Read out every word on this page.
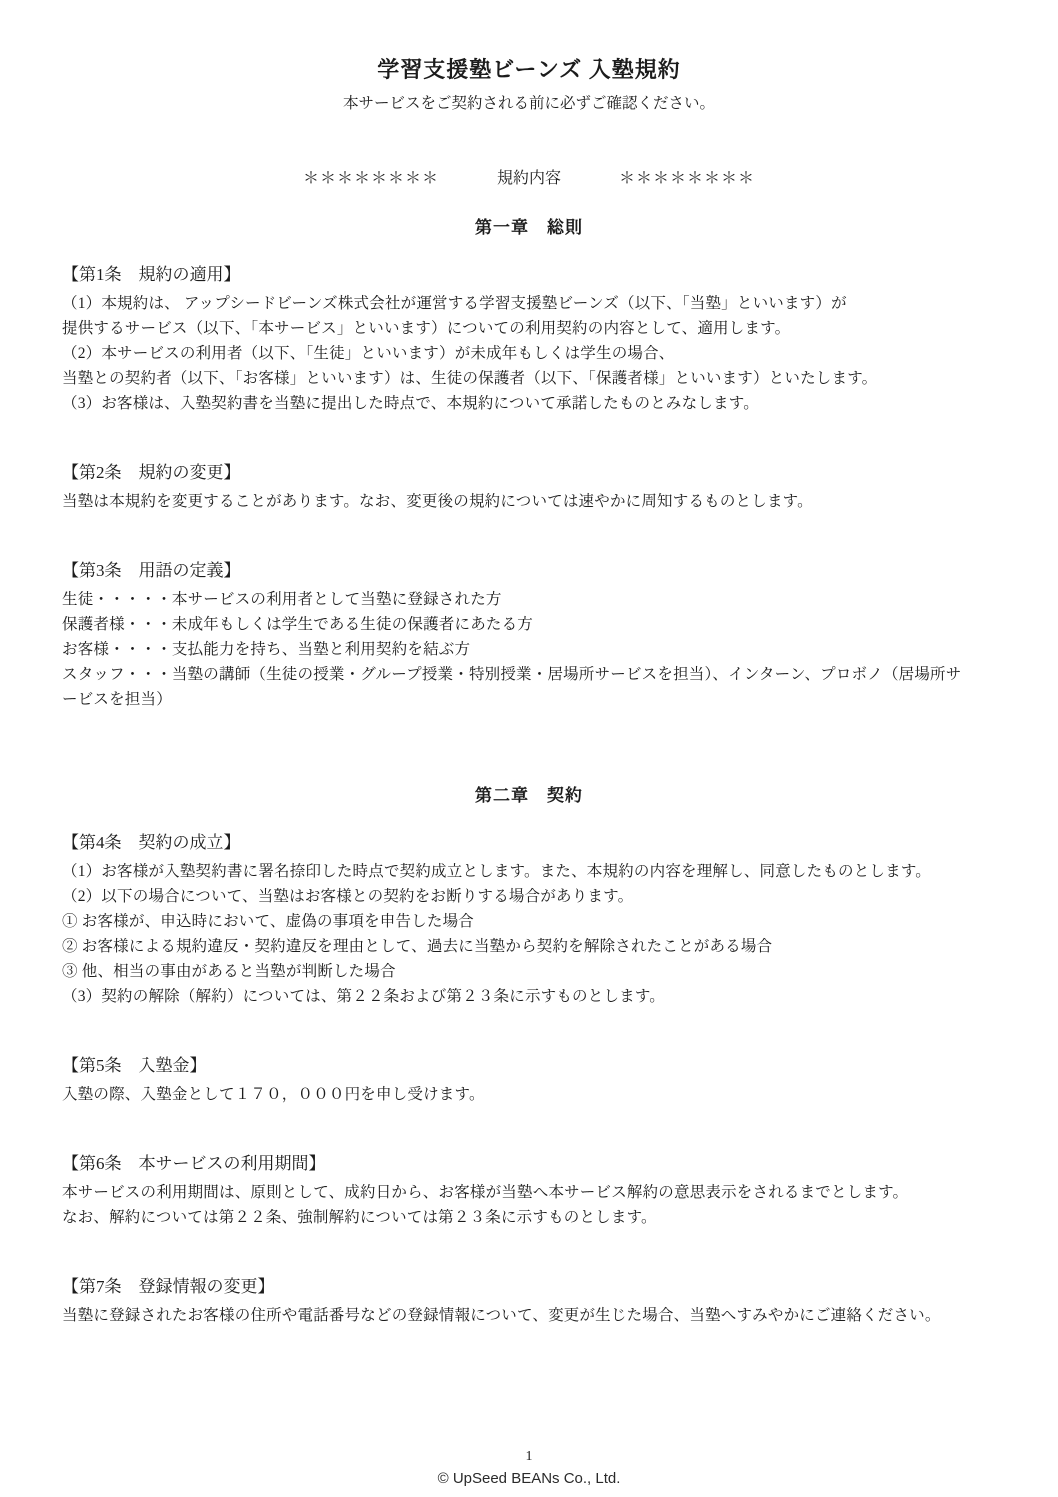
学習支援塾ビーンズ 入塾規約
本サービスをご契約される前に必ずご確認ください。
＊＊＊＊＊＊＊＊	規約内容	＊＊＊＊＊＊＊＊
第一章　総則
【第1条　規約の適用】
（1）本規約は、 アップシードビーンズ株式会社が運営する学習支援塾ビーンズ（以下、「当塾」といいます）が
提供するサービス（以下、「本サービス」といいます）についての利用契約の内容として、適用します。
（2）本サービスの利用者（以下、「生徒」といいます）が未成年もしくは学生の場合、
当塾との契約者（以下、「お客様」といいます）は、生徒の保護者（以下、「保護者様」といいます）といたします。
（3）お客様は、入塾契約書を当塾に提出した時点で、本規約について承諾したものとみなします。
【第2条　規約の変更】
当塾は本規約を変更することがあります。なお、変更後の規約については速やかに周知するものとします。
【第3条　用語の定義】
生徒・・・・・本サービスの利用者として当塾に登録された方
保護者様・・・未成年もしくは学生である生徒の保護者にあたる方
お客様・・・・支払能力を持ち、当塾と利用契約を結ぶ方
スタッフ・・・当塾の講師（生徒の授業・グループ授業・特別授業・居場所サービスを担当）、インターン、プロボノ（居場所サ
ービスを担当）
第二章　契約
【第4条　契約の成立】
（1）お客様が入塾契約書に署名捺印した時点で契約成立とします。また、本規約の内容を理解し、同意したものとします。
（2）以下の場合について、当塾はお客様との契約をお断りする場合があります。
① お客様が、申込時において、虚偽の事項を申告した場合
② お客様による規約違反・契約違反を理由として、過去に当塾から契約を解除されたことがある場合
③ 他、相当の事由があると当塾が判断した場合
（3）契約の解除（解約）については、第２２条および第２３条に示すものとします。
【第5条　入塾金】
入塾の際、入塾金として１７０，０００円を申し受けます。
【第6条　本サービスの利用期間】
本サービスの利用期間は、原則として、成約日から、お客様が当塾へ本サービス解約の意思表示をされるまでとします。
なお、解約については第２２条、強制解約については第２３条に示すものとします。
【第7条　登録情報の変更】
当塾に登録されたお客様の住所や電話番号などの登録情報について、変更が生じた場合、当塾へすみやかにご連絡ください。
1
© UpSeed BEANs Co., Ltd.
